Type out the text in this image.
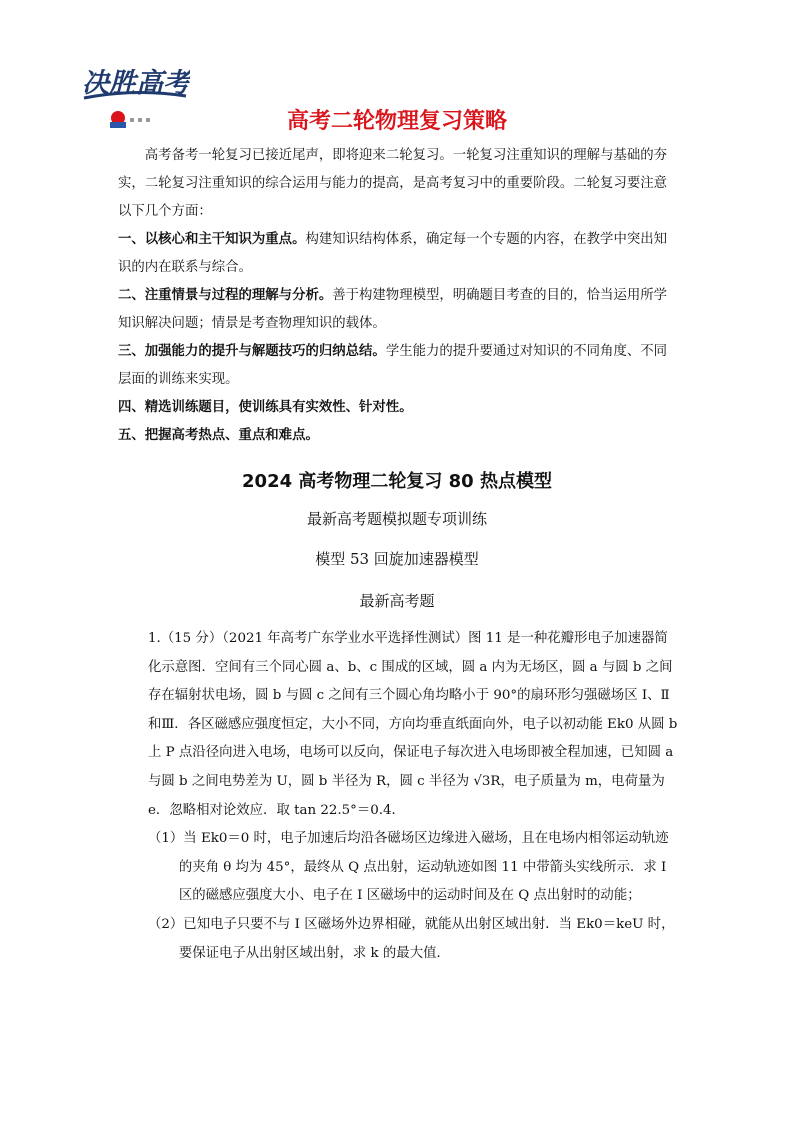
决胜高考
高考二轮物理复习策略

高考备考一轮复习已接近尾声，即将迎来二轮复习。一轮复习注重知识的理解与基础的夯实，二轮复习注重知识的综合运用与能力的提高，是高考复习中的重要阶段。二轮复习要注意以下几个方面：

一、以核心和主干知识为重点。构建知识结构体系，确定每一个专题的内容，在教学中突出知识的内在联系与综合。

二、注重情景与过程的理解与分析。善于构建物理模型，明确题目考查的目的，恰当运用所学知识解决问题；情景是考查物理知识的载体。

三、加强能力的提升与解题技巧的归纳总结。学生能力的提升要通过对知识的不同角度、不同层面的训练来实现。

四、精选训练题目，使训练具有实效性、针对性。

五、把握高考热点、重点和难点。

2024 高考物理二轮复习 80 热点模型
最新高考题模拟题专项训练
模型 53 回旋加速器模型
最新高考题

1.（15 分）（2021 年高考广东学业水平选择性测试）图 11 是一种花瓣形电子加速器简化示意图．空间有三个同心圆 a、b、c 围成的区域，圆 a 内为无场区，圆 a 与圆 b 之间存在辐射状电场，圆 b 与圆 c 之间有三个圆心角均略小于 90°的扇环形匀强磁场区 Ⅰ、Ⅱ和Ⅲ．各区磁感应强度恒定，大小不同，方向均垂直纸面向外，电子以初动能 Ek0 从圆 b 上 P 点沿径向进入电场，电场可以反向，保证电子每次进入电场即被全程加速，已知圆 a 与圆 b 之间电势差为 U，圆 b 半径为 R，圆 c 半径为 √3R，电子质量为 m，电荷量为 e．忽略相对论效应．取 tan 22.5°＝0.4．

（1）当 Ek0＝0 时，电子加速后均沿各磁场区边缘进入磁场，且在电场内相邻运动轨迹的夹角 θ 均为 45°，最终从 Q 点出射，运动轨迹如图 11 中带箭头实线所示．求 Ⅰ 区的磁感应强度大小、电子在 Ⅰ 区磁场中的运动时间及在 Q 点出射时的动能；

（2）已知电子只要不与 Ⅰ 区磁场外边界相碰，就能从出射区域出射．当 Ek0＝keU 时，要保证电子从出射区域出射，求 k 的最大值．
